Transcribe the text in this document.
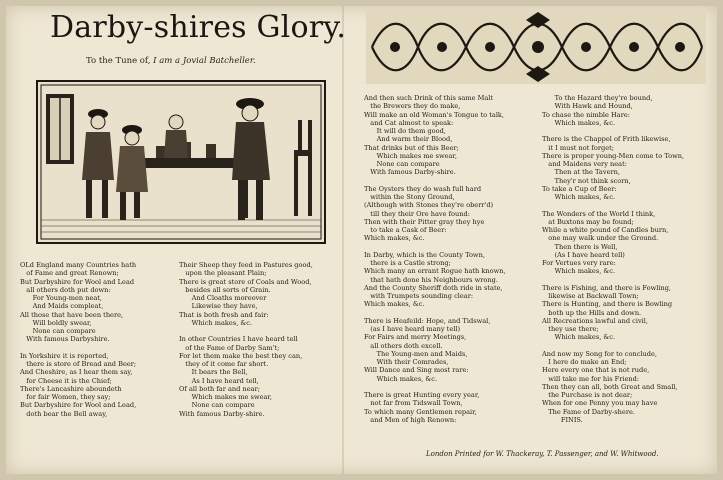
Darby-shires Glory.
To the Tune of, I am a Jovial Batcheller.
OLd England many Countries hath
of Fame and great Renown;
But Darbyshire for Wool and Lead
all others doth put down:
For Young-men neat,
And Maids compleat,
All those that have been there,
Will boldly swear,
None can compare
With famous Darbyshire.

In Yorkshire it is reported,
there is store of Bread and Beer;
And Cheshire, as I hear them say,
for Cheese it is the Chief;
There's Lancashire aboundeth
for fair Women, they say;
But Darbyshire for Wool and Lead,
doth bear the Bell away,
Their Sheep they feed in Pastures good,
upon the pleasant Plain;
There is great store of Coals and Wood,
besides all sorts of Grain.
And Cloaths moreover
Likewise they have,
That is both fresh and fair:
Which makes, &c.

In other Countries I have heard tell
of the Fame of Darby Sam't;
For let them make the best they can,
they of it come far short.
It bears the Bell,
As I have heard tell,
Of all both far and near;
Which makes me swear,
None can compare
With famous Darby-shire.
And then such Drink of this same Malt
the Brewers they do make,
Will make an old Woman's Tongue to talk,
and Cat almost to speak:
It will do them good,
And warm their Blood,
That drinks but of this Beer;
Which makes me swear,
None can compare
With famous Darby-shire.

The Oysters they do wash full hard
within the Stony Ground,
(Although with Stones they're oberr'd)
till they their Ore have found:
Then with their Pitter gray they hye
to take a Cask of Beer:
Which makes, &c.

In Darby, which is the County Town,
there is a Castle strong;
Which many an errant Rogue hath known,
that hath done his Neighbours wrong.
And the County Sheriff doth ride in state,
with Trumpets sounding clear:
Which makes, &c.

There is Heafeild: Hope, and Tidswal,
(as I have heard many tell)
For Fairs and merry Meetings,
all others doth excell.
The Young-men and Maids,
With their Comrades,
Will Dance and Sing most rare:
Which makes, &c.

There is great Hunting every year,
not far from Tidswall Town,
To which many Gentlemen repair,
and Men of high Renown:
To the Hazard they're bound,
With Hawk and Hound,
To chase the nimble Hare:
Which makes, &c.

There is the Chappel of Frith likewise,
it I must not forget;
There is proper young-Men come to Town,
and Maidens very neat:
Then at the Tavern,
They'r not think scorn,
To take a Cup of Beer:
Which makes, &c.

The Wonders of the World I think,
at Buxtons may be found;
While a white pound of Candles burn,
one may walk under the Ground.
Then there is Well,
(As I have heard tell)
For Vertues very rare:
Which makes, &c.

There is Fishing, and there is Fowling,
likewise at Backwall Town;
There is Hunting, and there is Bowling
both up the Hills and down.
All Recreations lawful and civil,
they use there;
Which makes, &c.

And now my Song for to conclude,
I here do make an End;
Here every one that is not rude,
will take me for his Friend:
Then they can all, both Great and Small,
the Purchase is not dear;
When for one Penny you may have
The Fame of Darby-shere.
FINIS.
London Printed for W. Thackeray, T. Passenger, and W. Whitwood.
